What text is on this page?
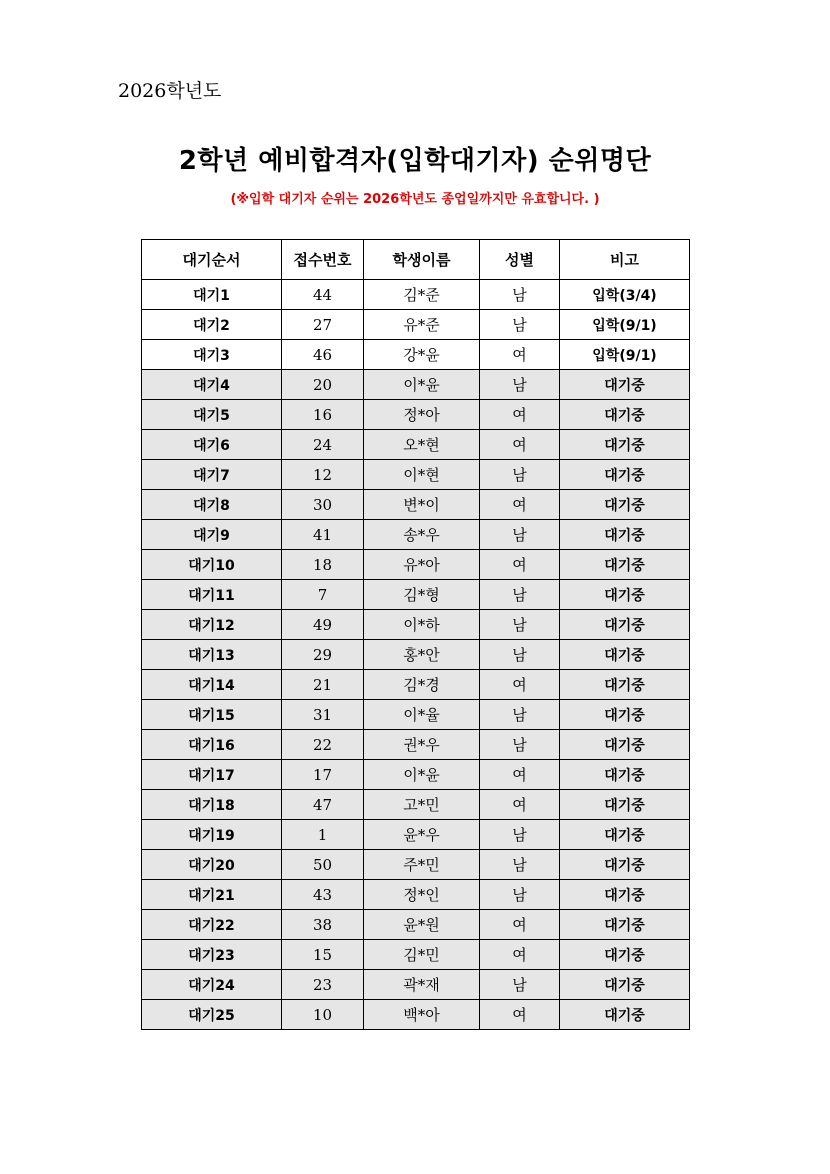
2026학년도
2학년 예비합격자(입학대기자) 순위명단
(※입학 대기자 순위는 2026학년도 종업일까지만 유효합니다. )
대기순서	접수번호	학생이름	성별	비고
대기1	44	김*준	남	입학(3/4)
대기2	27	유*준	남	입학(9/1)
대기3	46	강*윤	여	입학(9/1)
대기4	20	이*윤	남	대기중
대기5	16	정*아	여	대기중
대기6	24	오*현	여	대기중
대기7	12	이*현	남	대기중
대기8	30	변*이	여	대기중
대기9	41	송*우	남	대기중
대기10	18	유*아	여	대기중
대기11	7	김*형	남	대기중
대기12	49	이*하	남	대기중
대기13	29	홍*안	남	대기중
대기14	21	김*경	여	대기중
대기15	31	이*율	남	대기중
대기16	22	권*우	남	대기중
대기17	17	이*윤	여	대기중
대기18	47	고*민	여	대기중
대기19	1	윤*우	남	대기중
대기20	50	주*민	남	대기중
대기21	43	정*인	남	대기중
대기22	38	윤*원	여	대기중
대기23	15	김*민	여	대기중
대기24	23	곽*재	남	대기중
대기25	10	백*아	여	대기중
